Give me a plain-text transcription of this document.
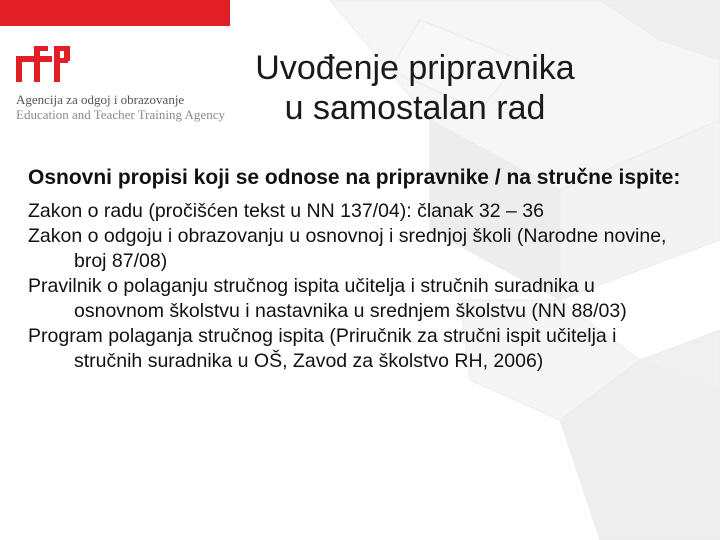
Agencija za odgoj i obrazovanje
Education and Teacher Training Agency
Uvođenje pripravnika
u samostalan rad
Osnovni propisi koji se odnose na pripravnike / na stručne ispite:

Zakon o radu (pročišćen tekst u NN 137/04): članak 32 – 36

Zakon o odgoju i obrazovanju u osnovnoj i srednjoj školi (Narodne novine, broj 87/08)

Pravilnik o polaganju stručnog ispita učitelja i stručnih suradnika u osnovnom školstvu i nastavnika u srednjem školstvu (NN 88/03)

Program polaganja stručnog ispita (Priručnik za stručni ispit učitelja i stručnih suradnika u OŠ, Zavod za školstvo RH, 2006)
